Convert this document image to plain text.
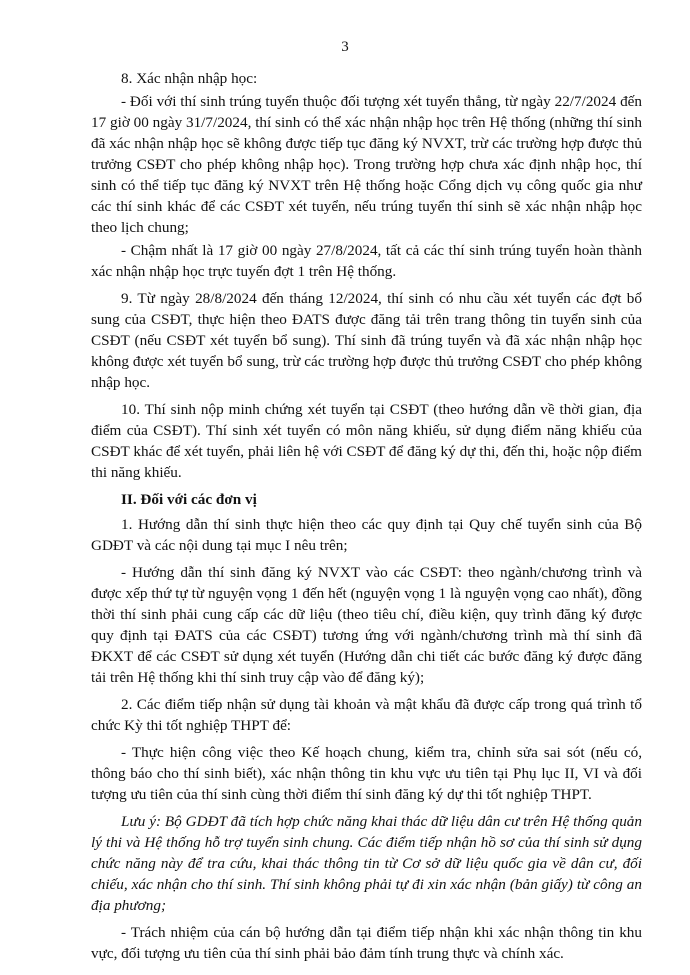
3

8. Xác nhận nhập học:

- Đối với thí sinh trúng tuyển thuộc đối tượng xét tuyển thẳng, từ ngày 22/7/2024 đến 17 giờ 00 ngày 31/7/2024, thí sinh có thể xác nhận nhập học trên Hệ thống (những thí sinh đã xác nhận nhập học sẽ không được tiếp tục đăng ký NVXT, trừ các trường hợp được thủ trưởng CSĐT cho phép không nhập học). Trong trường hợp chưa xác định nhập học, thí sinh có thể tiếp tục đăng ký NVXT trên Hệ thống hoặc Cổng dịch vụ công quốc gia như các thí sinh khác để các CSĐT xét tuyển, nếu trúng tuyển thí sinh sẽ xác nhận nhập học theo lịch chung;

- Chậm nhất là 17 giờ 00 ngày 27/8/2024, tất cả các thí sinh trúng tuyển hoàn thành xác nhận nhập học trực tuyến đợt 1 trên Hệ thống.

9. Từ ngày 28/8/2024 đến tháng 12/2024, thí sinh có nhu cầu xét tuyển các đợt bổ sung của CSĐT, thực hiện theo ĐATS được đăng tải trên trang thông tin tuyển sinh của CSĐT (nếu CSĐT xét tuyển bổ sung). Thí sinh đã trúng tuyển và đã xác nhận nhập học không được xét tuyển bổ sung, trừ các trường hợp được thủ trưởng CSĐT cho phép không nhập học.

10. Thí sinh nộp minh chứng xét tuyển tại CSĐT (theo hướng dẫn về thời gian, địa điểm của CSĐT). Thí sinh xét tuyển có môn năng khiếu, sử dụng điểm năng khiếu của CSĐT khác để xét tuyển, phải liên hệ với CSĐT để đăng ký dự thi, đến thi, hoặc nộp điểm thi năng khiếu.

II. Đối với các đơn vị

1. Hướng dẫn thí sinh thực hiện theo các quy định tại Quy chế tuyển sinh của Bộ GDĐT và các nội dung tại mục I nêu trên;

- Hướng dẫn thí sinh đăng ký NVXT vào các CSĐT: theo ngành/chương trình và được xếp thứ tự từ nguyện vọng 1 đến hết (nguyện vọng 1 là nguyện vọng cao nhất), đồng thời thí sinh phải cung cấp các dữ liệu (theo tiêu chí, điều kiện, quy trình đăng ký được quy định tại ĐATS của các CSĐT) tương ứng với ngành/chương trình mà thí sinh đã ĐKXT để các CSĐT sử dụng xét tuyển (Hướng dẫn chi tiết các bước đăng ký được đăng tải trên Hệ thống khi thí sinh truy cập vào để đăng ký);

2. Các điểm tiếp nhận sử dụng tài khoản và mật khẩu đã được cấp trong quá trình tổ chức Kỳ thi tốt nghiệp THPT để:

- Thực hiện công việc theo Kế hoạch chung, kiểm tra, chỉnh sửa sai sót (nếu có, thông báo cho thí sinh biết), xác nhận thông tin khu vực ưu tiên tại Phụ lục II, VI và đối tượng ưu tiên của thí sinh cùng thời điểm thí sinh đăng ký dự thi tốt nghiệp THPT.

Lưu ý: Bộ GDĐT đã tích hợp chức năng khai thác dữ liệu dân cư trên Hệ thống quản lý thi và Hệ thống hỗ trợ tuyển sinh chung. Các điểm tiếp nhận hồ sơ của thí sinh sử dụng chức năng này để tra cứu, khai thác thông tin từ Cơ sở dữ liệu quốc gia về dân cư, đối chiếu, xác nhận cho thí sinh. Thí sinh không phải tự đi xin xác nhận (bản giấy) từ công an địa phương;

- Trách nhiệm của cán bộ hướng dẫn tại điểm tiếp nhận khi xác nhận thông tin khu vực, đối tượng ưu tiên của thí sinh phải bảo đảm tính trung thực và chính xác.
